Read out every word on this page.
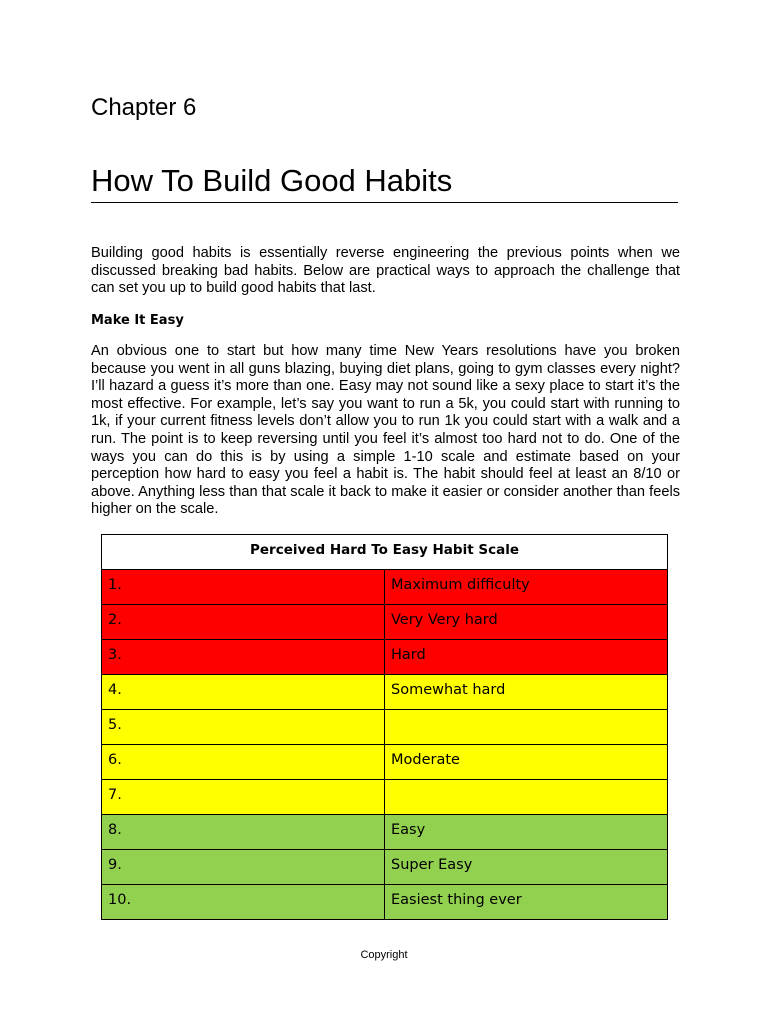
Chapter 6
How To Build Good Habits

Building good habits is essentially reverse engineering the previous points when we discussed breaking bad habits. Below are practical ways to approach the challenge that can set you up to build good habits that last.

Make It Easy

An obvious one to start but how many time New Years resolutions have you broken because you went in all guns blazing, buying diet plans, going to gym classes every night? I’ll hazard a guess it’s more than one. Easy may not sound like a sexy place to start it’s the most effective. For example, let’s say you want to run a 5k, you could start with running to 1k, if your current fitness levels don’t allow you to run 1k you could start with a walk and a run. The point is to keep reversing until you feel it’s almost too hard not to do. One of the ways you can do this is by using a simple 1-10 scale and estimate based on your perception how hard to easy you feel a habit is. The habit should feel at least an 8/10 or above. Anything less than that scale it back to make it easier or consider another than feels higher on the scale.

Perceived Hard To Easy Habit Scale	
1.	Maximum difficulty
2.	Very Very hard
3.	Hard
4.	Somewhat hard
5.	
6.	Moderate
7.	
8.	Easy
9.	Super Easy
10.	Easiest thing ever

Copyright
